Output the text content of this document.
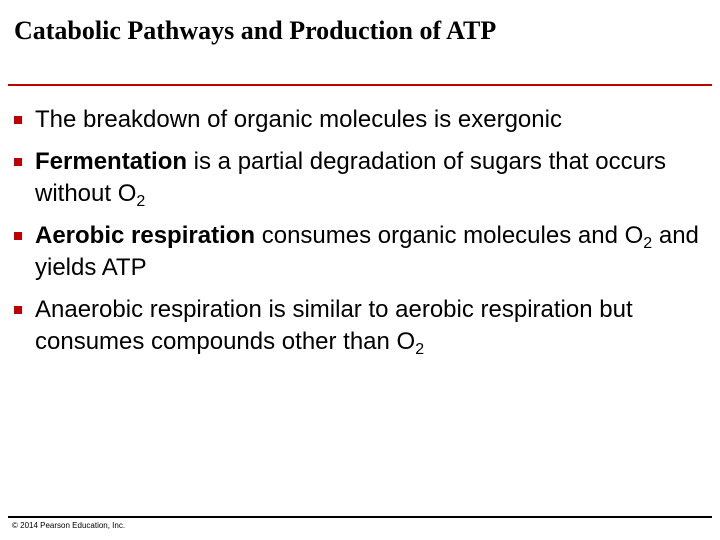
Catabolic Pathways and Production of ATP
The breakdown of organic molecules is exergonic
Fermentation is a partial degradation of sugars that occurs without $O_2$
Aerobic respiration consumes organic molecules and $O_2$ and yields ATP
Anaerobic respiration is similar to aerobic respiration but consumes compounds other than $O_2$
© 2014 Pearson Education, Inc.
